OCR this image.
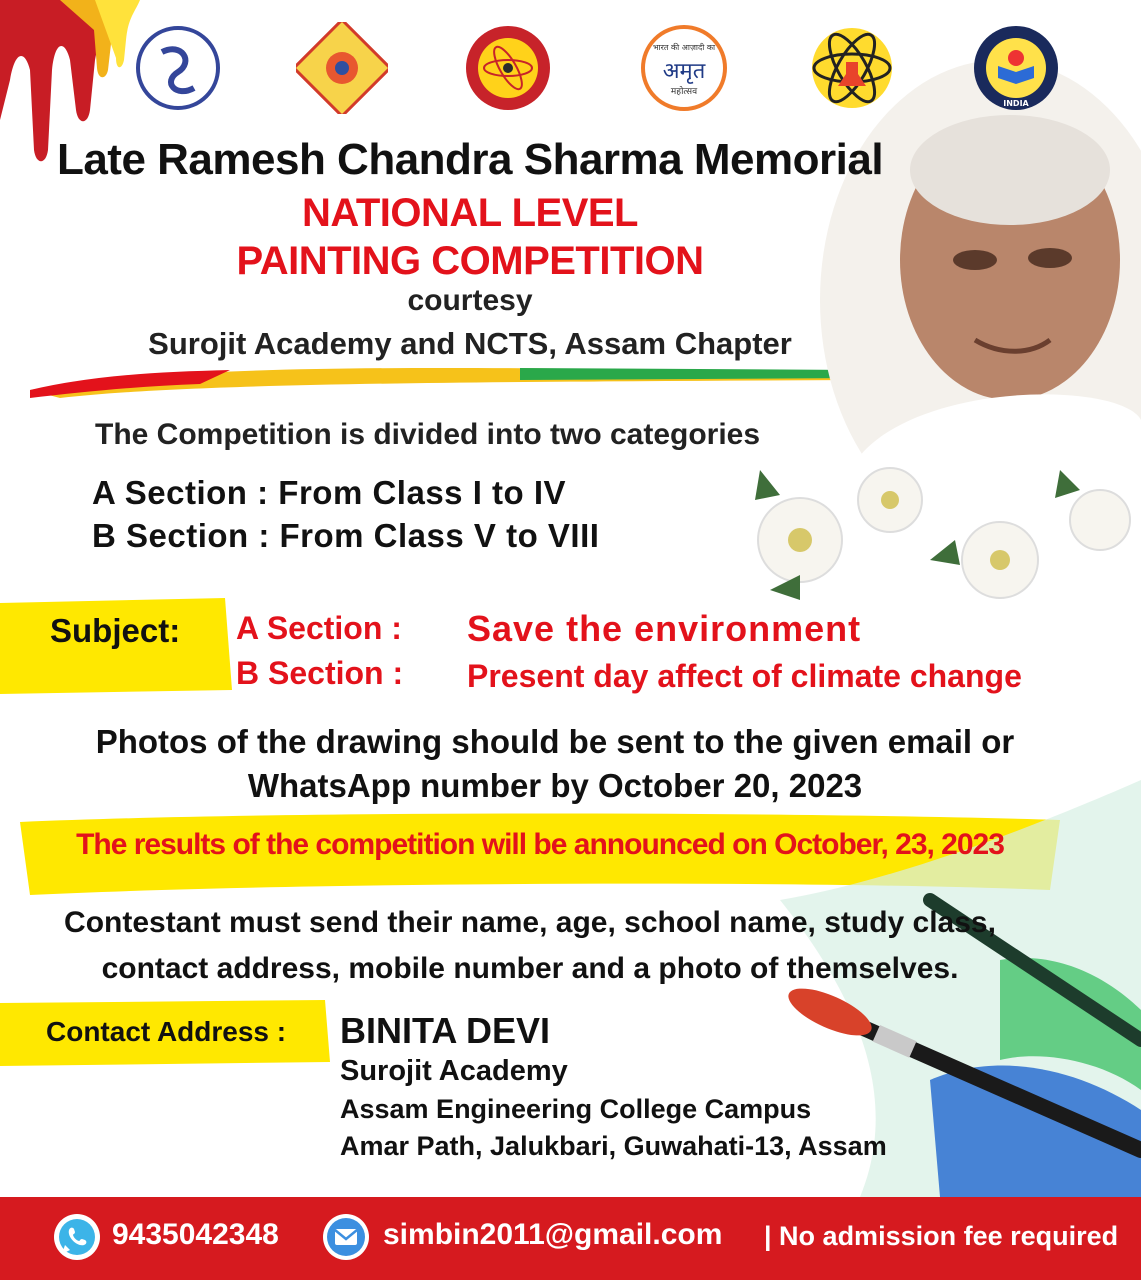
भारत की आज़ादी का
अमृत
महोत्सव
INDIA
Late Ramesh Chandra Sharma Memorial
NATIONAL LEVEL
PAINTING COMPETITION
courtesy
Surojit Academy and NCTS, Assam Chapter
The Competition is divided into two categories
A Section : From Class I to IV
B Section : From Class V to VIII
Subject: A Section : Save the environment
B Section : Present day affect of climate change
Photos of the drawing should be sent to the given email or
WhatsApp number by October 20, 2023
The results of the competition will be announced on October, 23, 2023
Contestant must send their name, age, school name, study class,
contact address, mobile number and a photo of themselves.
Contact Address : BINITA DEVI
Surojit Academy
Assam Engineering College Campus
Amar Path, Jalukbari, Guwahati-13, Assam
9435042348	simbin2011@gmail.com | No admission fee required
